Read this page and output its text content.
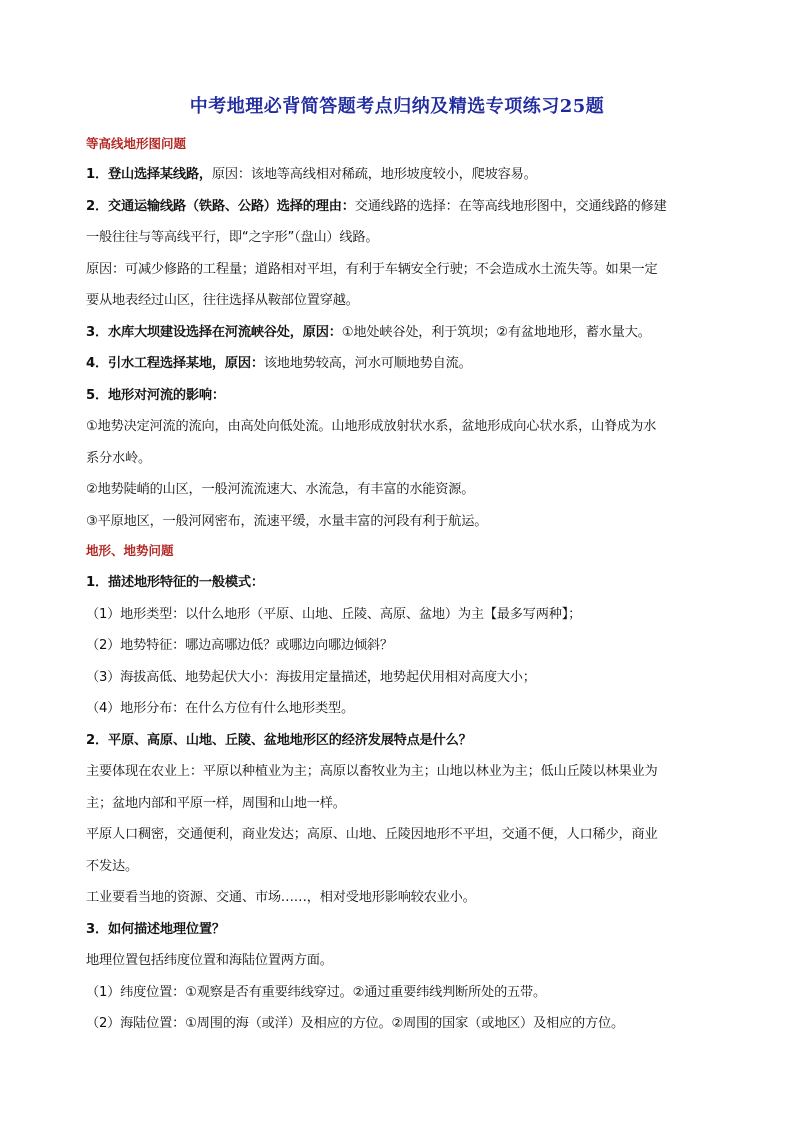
中考地理必背简答题考点归纳及精选专项练习25题
等高线地形图问题
1．登山选择某线路，原因：该地等高线相对稀疏，地形坡度较小，爬坡容易。
2．交通运输线路（铁路、公路）选择的理由：交通线路的选择：在等高线地形图中，交通线路的修建
一般往往与等高线平行，即“之字形”（盘山）线路。
原因：可减少修路的工程量；道路相对平坦，有利于车辆安全行驶；不会造成水土流失等。如果一定
要从地表经过山区，往往选择从鞍部位置穿越。
3．水库大坝建设选择在河流峡谷处，原因：①地处峡谷处，利于筑坝；②有盆地地形，蓄水量大。
4．引水工程选择某地，原因：该地地势较高，河水可顺地势自流。
5．地形对河流的影响：
①地势决定河流的流向，由高处向低处流。山地形成放射状水系，盆地形成向心状水系，山脊成为水
系分水岭。
②地势陡峭的山区，一般河流流速大、水流急，有丰富的水能资源。
③平原地区，一般河网密布，流速平缓，水量丰富的河段有利于航运。
地形、地势问题
1．描述地形特征的一般模式：
（1）地形类型：以什么地形（平原、山地、丘陵、高原、盆地）为主【最多写两种】；
（2）地势特征：哪边高哪边低？或哪边向哪边倾斜？
（3）海拔高低、地势起伏大小：海拔用定量描述，地势起伏用相对高度大小；
（4）地形分布：在什么方位有什么地形类型。
2．平原、高原、山地、丘陵、盆地地形区的经济发展特点是什么？
主要体现在农业上：平原以种植业为主；高原以畜牧业为主；山地以林业为主；低山丘陵以林果业为
主；盆地内部和平原一样，周围和山地一样。
平原人口稠密，交通便利，商业发达；高原、山地、丘陵因地形不平坦，交通不便，人口稀少，商业
不发达。
工业要看当地的资源、交通、市场……，相对受地形影响较农业小。
3．如何描述地理位置？
地理位置包括纬度位置和海陆位置两方面。
（1）纬度位置：①观察是否有重要纬线穿过。②通过重要纬线判断所处的五带。
（2）海陆位置：①周围的海（或洋）及相应的方位。②周围的国家（或地区）及相应的方位。
